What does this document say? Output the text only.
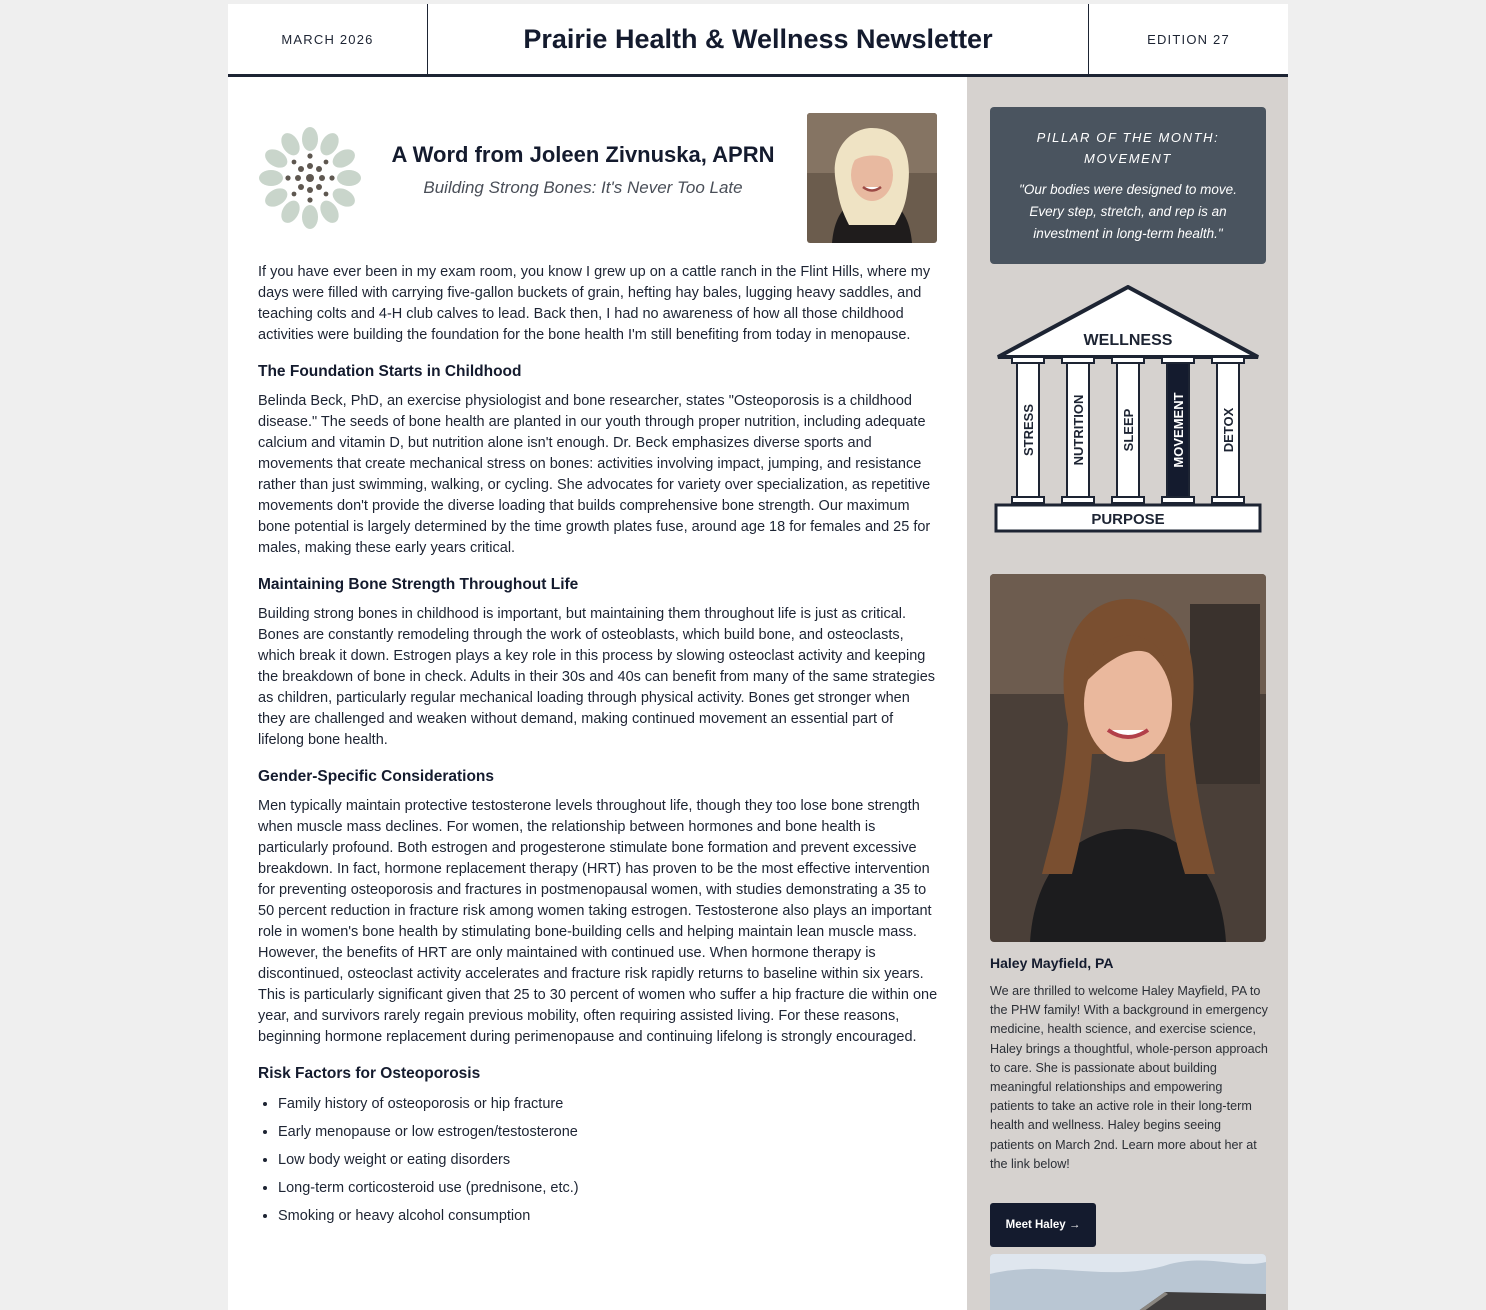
MARCH 2026	Prairie Health & Wellness Newsletter	EDITION 27
A Word from Joleen Zivnuska, APRN
Building Strong Bones: It's Never Too Late

If you have ever been in my exam room, you know I grew up on a cattle ranch in the Flint Hills, where my days were filled with carrying five-gallon buckets of grain, hefting hay bales, lugging heavy saddles, and teaching colts and 4-H club calves to lead. Back then, I had no awareness of how all those childhood activities were building the foundation for the bone health I'm still benefiting from today in menopause.

The Foundation Starts in Childhood

Belinda Beck, PhD, an exercise physiologist and bone researcher, states "Osteoporosis is a childhood disease." The seeds of bone health are planted in our youth through proper nutrition, including adequate calcium and vitamin D, but nutrition alone isn't enough. Dr. Beck emphasizes diverse sports and movements that create mechanical stress on bones: activities involving impact, jumping, and resistance rather than just swimming, walking, or cycling. She advocates for variety over specialization, as repetitive movements don't provide the diverse loading that builds comprehensive bone strength. Our maximum bone potential is largely determined by the time growth plates fuse, around age 18 for females and 25 for males, making these early years critical.

Maintaining Bone Strength Throughout Life

Building strong bones in childhood is important, but maintaining them throughout life is just as critical. Bones are constantly remodeling through the work of osteoblasts, which build bone, and osteoclasts, which break it down. Estrogen plays a key role in this process by slowing osteoclast activity and keeping the breakdown of bone in check. Adults in their 30s and 40s can benefit from many of the same strategies as children, particularly regular mechanical loading through physical activity. Bones get stronger when they are challenged and weaken without demand, making continued movement an essential part of lifelong bone health.

Gender-Specific Considerations

Men typically maintain protective testosterone levels throughout life, though they too lose bone strength when muscle mass declines. For women, the relationship between hormones and bone health is particularly profound. Both estrogen and progesterone stimulate bone formation and prevent excessive breakdown. In fact, hormone replacement therapy (HRT) has proven to be the most effective intervention for preventing osteoporosis and fractures in postmenopausal women, with studies demonstrating a 35 to 50 percent reduction in fracture risk among women taking estrogen. Testosterone also plays an important role in women's bone health by stimulating bone-building cells and helping maintain lean muscle mass. However, the benefits of HRT are only maintained with continued use. When hormone therapy is discontinued, osteoclast activity accelerates and fracture risk rapidly returns to baseline within six years. This is particularly significant given that 25 to 30 percent of women who suffer a hip fracture die within one year, and survivors rarely regain previous mobility, often requiring assisted living. For these reasons, beginning hormone replacement during perimenopause and continuing lifelong is strongly encouraged.

Risk Factors for Osteoporosis
• Family history of osteoporosis or hip fracture
• Early menopause or low estrogen/testosterone
• Low body weight or eating disorders
• Long-term corticosteroid use (prednisone, etc.)
• Smoking or heavy alcohol consumption
PILLAR OF THE MONTH: MOVEMENT
"Our bodies were designed to move. Every step, stretch, and rep is an investment in long-term health."
WELLNESS
STRESS	NUTRITION	SLEEP	MOVEMENT	DETOX
PURPOSE
Haley Mayfield, PA
We are thrilled to welcome Haley Mayfield, PA to the PHW family! With a background in emergency medicine, health science, and exercise science, Haley brings a thoughtful, whole-person approach to care. She is passionate about building meaningful relationships and empowering patients to take an active role in their long-term health and wellness. Haley begins seeing patients on March 2nd. Learn more about her at the link below!
Meet Haley →
